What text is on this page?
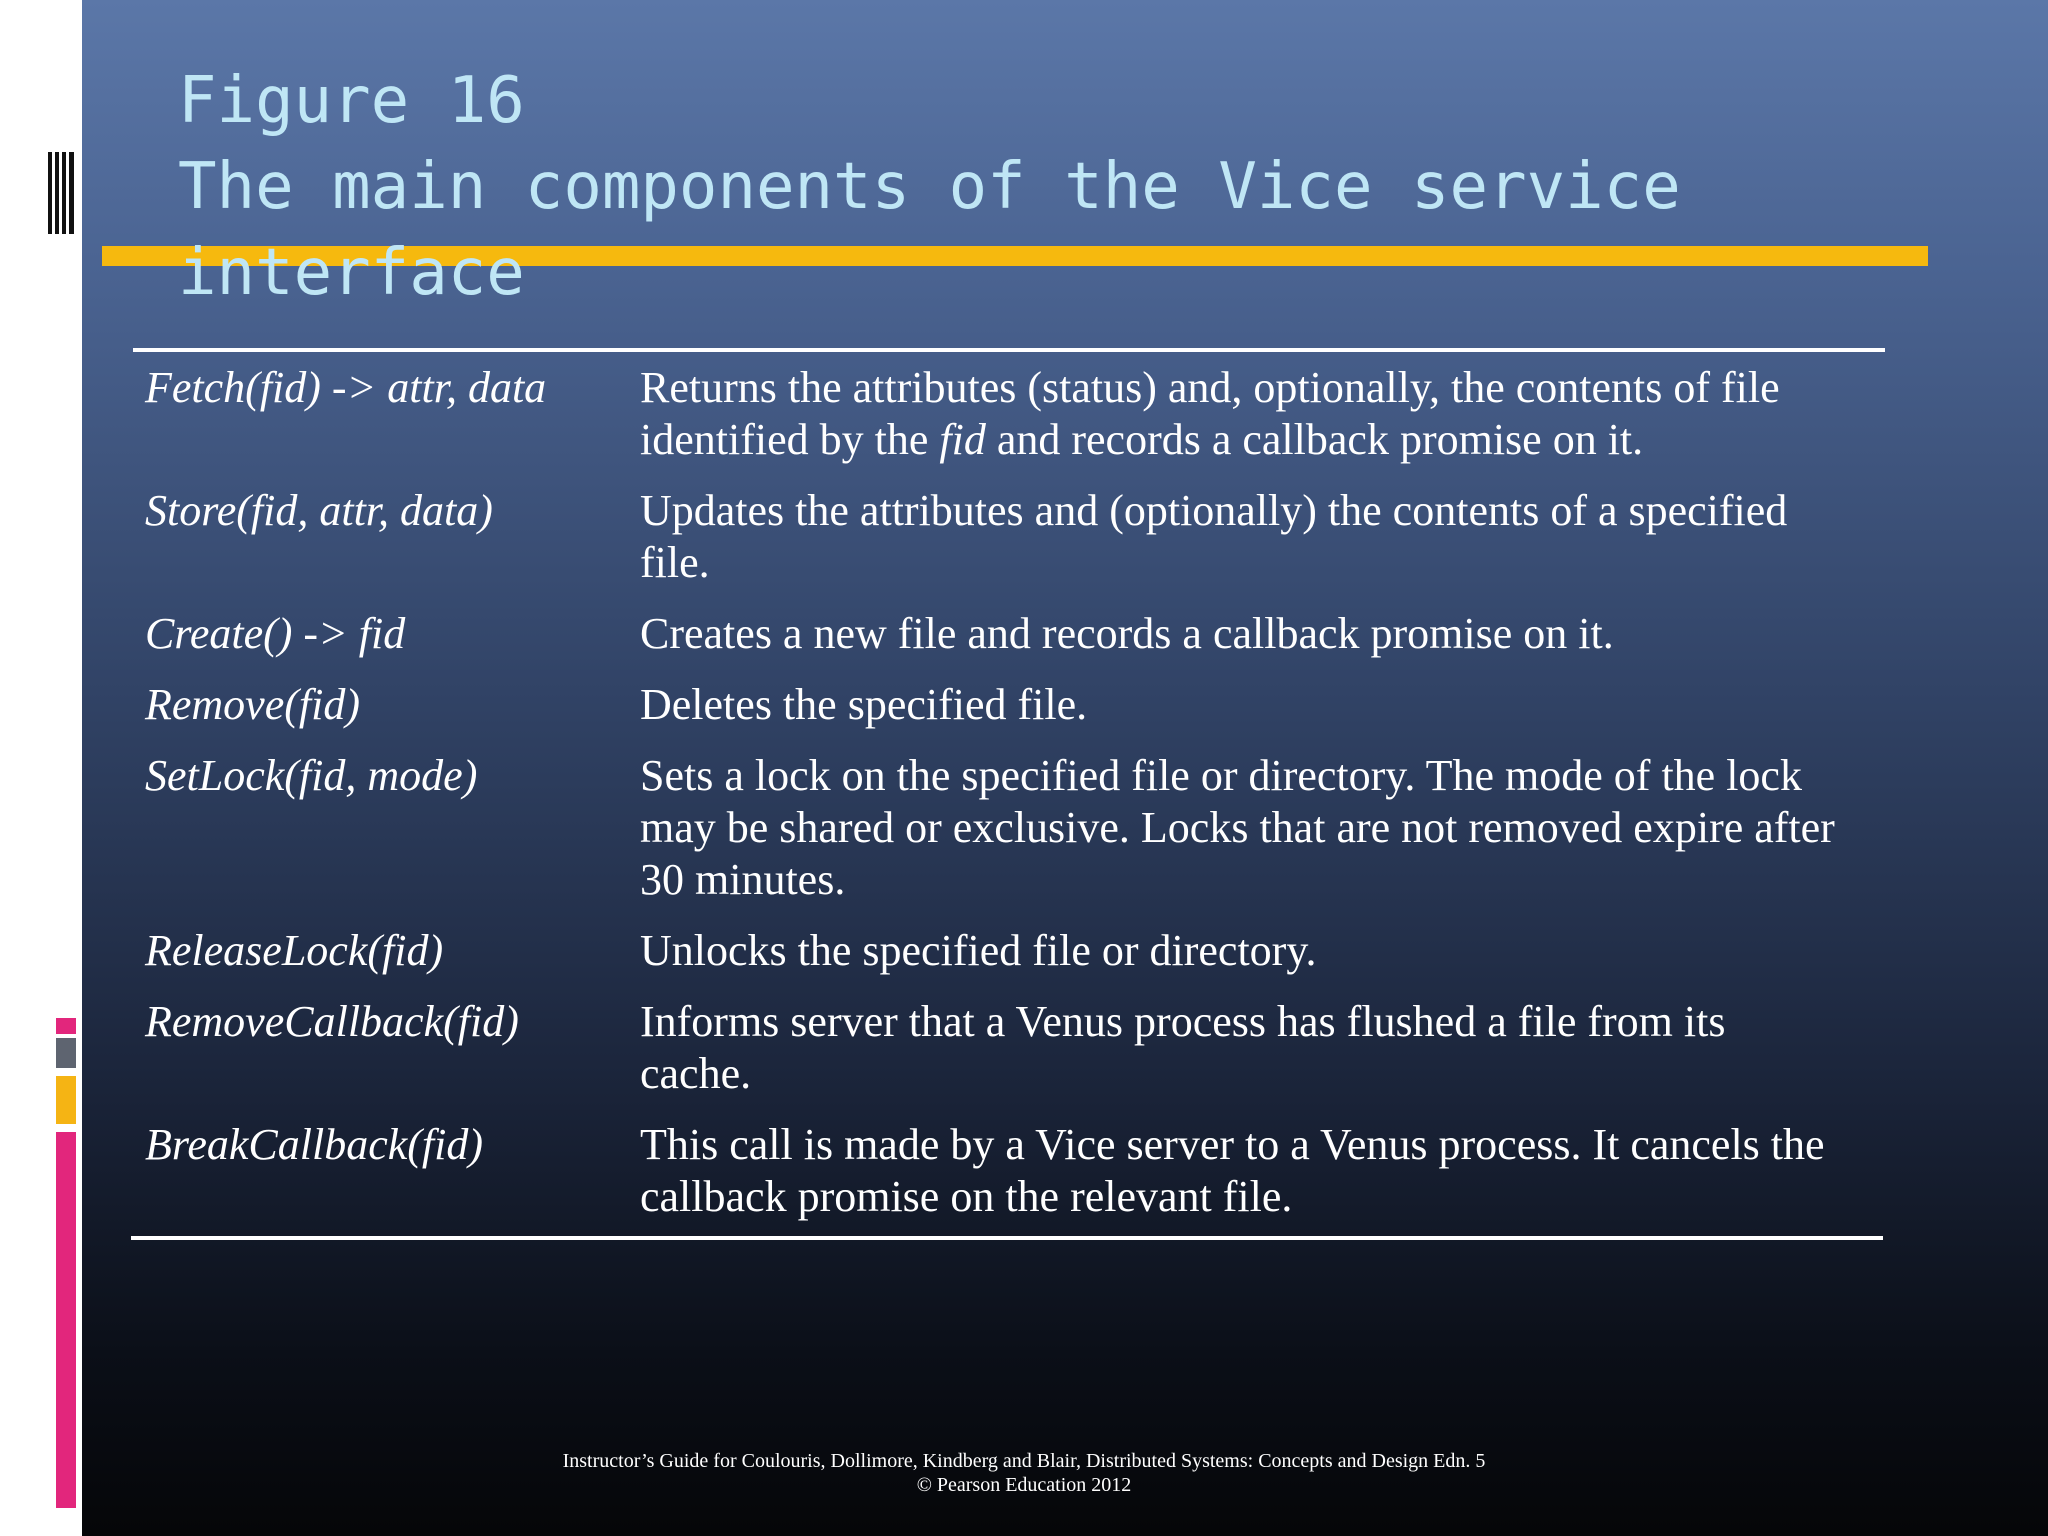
Figure 16
The main components of the Vice service
interface
Fetch(fid) -> attr, data	Returns the attributes (status) and, optionally, the contents of file identified by the fid and records a callback promise on it.
Store(fid, attr, data)	Updates the attributes and (optionally) the contents of a specified file.
Create() -> fid	Creates a new file and records a callback promise on it.
Remove(fid)	Deletes the specified file.
SetLock(fid, mode)	Sets a lock on the specified file or directory. The mode of the lock may be shared or exclusive. Locks that are not removed expire after 30 minutes.
ReleaseLock(fid)	Unlocks the specified file or directory.
RemoveCallback(fid)	Informs server that a Venus process has flushed a file from its cache.
BreakCallback(fid)	This call is made by a Vice server to a Venus process. It cancels the callback promise on the relevant file.
Instructor’s Guide for Coulouris, Dollimore, Kindberg and Blair, Distributed Systems: Concepts and Design Edn. 5
© Pearson Education 2012
